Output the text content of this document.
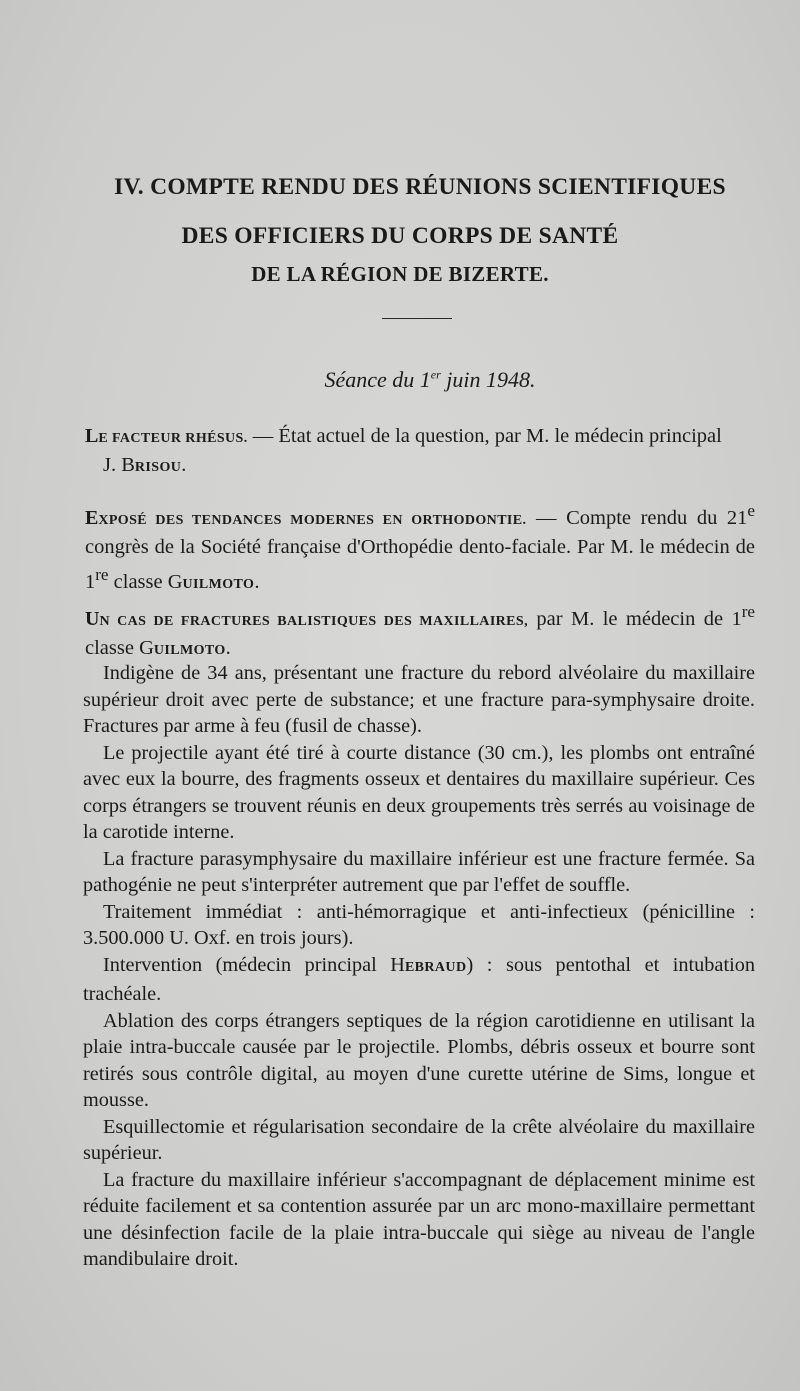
IV. COMPTE RENDU DES RÉUNIONS SCIENTIFIQUES
DES OFFICIERS DU CORPS DE SANTÉ
DE LA RÉGION DE BIZERTE.
Séance du 1er juin 1948.
LE FACTEUR RHÉSUS. — État actuel de la question, par M. le médecin principal
J. BRISOU.
EXPOSÉ DES TENDANCES MODERNES EN ORTHODONTIE. — Compte rendu du 21e congrès de la Société française d'Orthopédie dento-faciale. Par M. le médecin de 1re classe GUILMOTO.
UN CAS DE FRACTURES BALISTIQUES DES MAXILLAIRES, par M. le médecin de 1re classe GUILMOTO.

Indigène de 34 ans, présentant une fracture du rebord alvéolaire du maxillaire supérieur droit avec perte de substance; et une fracture para-symphysaire droite. Fractures par arme à feu (fusil de chasse).

Le projectile ayant été tiré à courte distance (30 cm.), les plombs ont entraîné avec eux la bourre, des fragments osseux et dentaires du maxillaire supérieur. Ces corps étrangers se trouvent réunis en deux groupements très serrés au voisinage de la carotide interne.

La fracture parasymphysaire du maxillaire inférieur est une fracture fermée. Sa pathogénie ne peut s'interpréter autrement que par l'effet de souffle.

Traitement immédiat : anti-hémorragique et anti-infectieux (pénicilline : 3.500.000 U. Oxf. en trois jours).

Intervention (médecin principal HEBRAUD) : sous pentothal et intubation trachéale.

Ablation des corps étrangers septiques de la région carotidienne en utilisant la plaie intra-buccale causée par le projectile. Plombs, débris osseux et bourre sont retirés sous contrôle digital, au moyen d'une curette utérine de Sims, longue et mousse.

Esquillectomie et régularisation secondaire de la crête alvéolaire du maxillaire supérieur.

La fracture du maxillaire inférieur s'accompagnant de déplacement minime est réduite facilement et sa contention assurée par un arc mono-maxillaire permettant une désinfection facile de la plaie intra-buccale qui siège au niveau de l'angle mandibulaire droit.
